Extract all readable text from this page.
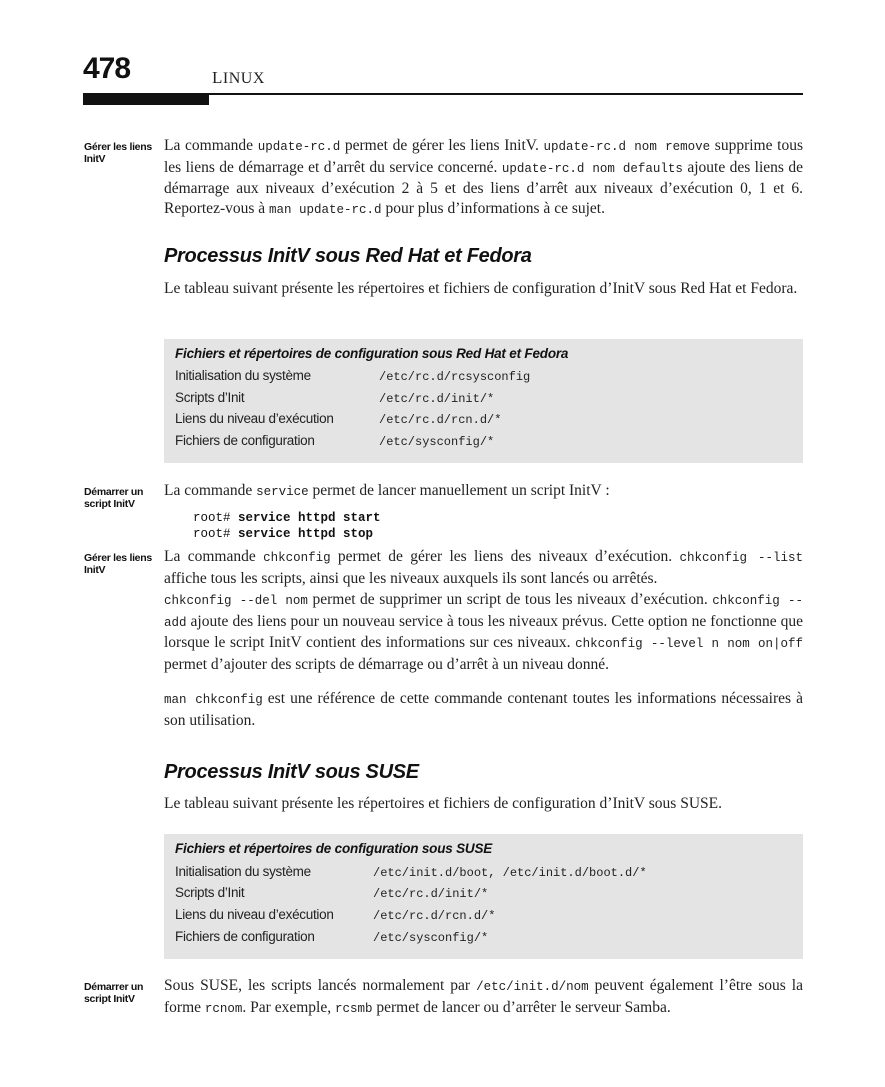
478	LINUX
Gérer les liens InitV

La commande update-rc.d permet de gérer les liens InitV. update-rc.d nom remove supprime tous les liens de démarrage et d’arrêt du service concerné. update-rc.d nom defaults ajoute des liens de démarrage aux niveaux d’exécution 2 à 5 et des liens d’arrêt aux niveaux d’exécution 0, 1 et 6. Reportez-vous à man update-rc.d pour plus d’informations à ce sujet.

Processus InitV sous Red Hat et Fedora

Le tableau suivant présente les répertoires et fichiers de configuration d’InitV sous Red Hat et Fedora.

Fichiers et répertoires de configuration sous Red Hat et Fedora
Initialisation du système	/etc/rc.d/rcsysconfig
Scripts d’Init	/etc/rc.d/init/*
Liens du niveau d’exécution	/etc/rc.d/rcn.d/*
Fichiers de configuration	/etc/sysconfig/*
Démarrer un script InitV

La commande service permet de lancer manuellement un script InitV :

root# service httpd start
root# service httpd stop
Gérer les liens InitV

La commande chkconfig permet de gérer les liens des niveaux d’exécution. chkconfig --list affiche tous les scripts, ainsi que les niveaux auxquels ils sont lancés ou arrêtés.

chkconfig --del nom permet de supprimer un script de tous les niveaux d’exécution. chkconfig --add ajoute des liens pour un nouveau service à tous les niveaux prévus. Cette option ne fonctionne que lorsque le script InitV contient des informations sur ces niveaux. chkconfig --level n nom on|off permet d’ajouter des scripts de démarrage ou d’arrêt à un niveau donné.

man chkconfig est une référence de cette commande contenant toutes les informations nécessaires à son utilisation.

Processus InitV sous SUSE

Le tableau suivant présente les répertoires et fichiers de configuration d’InitV sous SUSE.

Fichiers et répertoires de configuration sous SUSE
Initialisation du système	/etc/init.d/boot, /etc/init.d/boot.d/*
Scripts d’Init	/etc/rc.d/init/*
Liens du niveau d’exécution	/etc/rc.d/rcn.d/*
Fichiers de configuration	/etc/sysconfig/*
Démarrer un script InitV

Sous SUSE, les scripts lancés normalement par /etc/init.d/nom peuvent également l’être sous la forme rcnom. Par exemple, rcsmb permet de lancer ou d’arrêter le serveur Samba.
